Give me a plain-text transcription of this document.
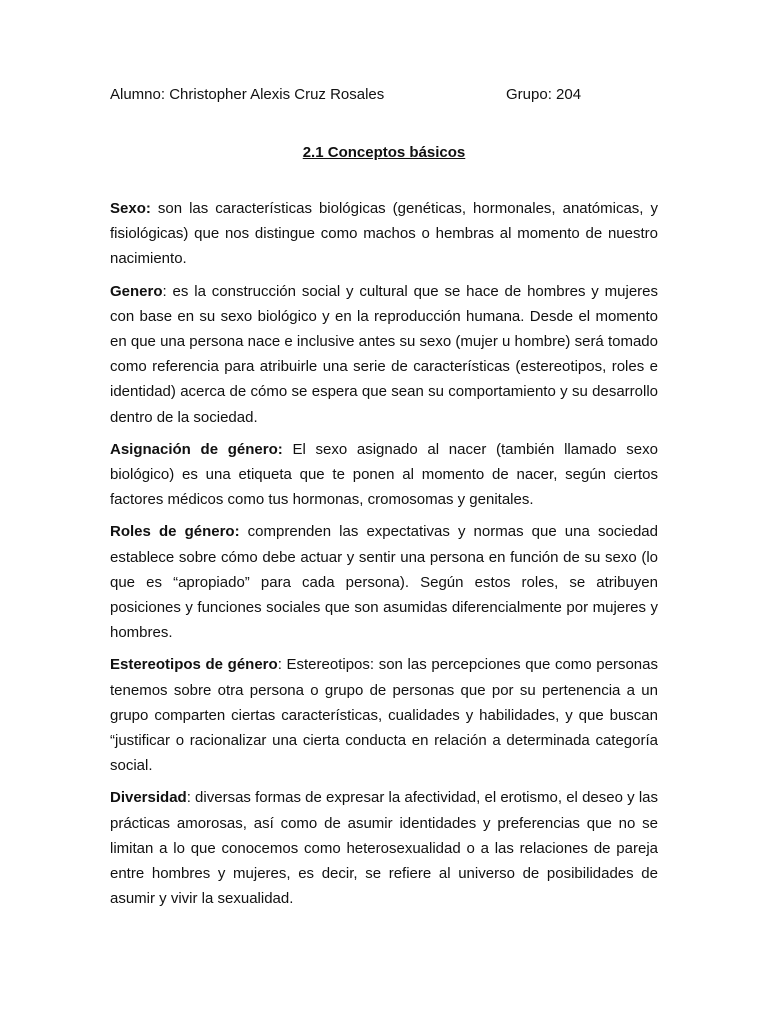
Alumno: Christopher Alexis Cruz Rosales	Grupo: 204
2.1 Conceptos básicos

Sexo: son las características biológicas (genéticas, hormonales, anatómicas, y fisiológicas) que nos distingue como machos o hembras al momento de nuestro nacimiento.

Genero: es la construcción social y cultural que se hace de hombres y mujeres con base en su sexo biológico y en la reproducción humana. Desde el momento en que una persona nace e inclusive antes su sexo (mujer u hombre) será tomado como referencia para atribuirle una serie de características (estereotipos, roles e identidad) acerca de cómo se espera que sean su comportamiento y su desarrollo dentro de la sociedad.

Asignación de género: El sexo asignado al nacer (también llamado sexo biológico) es una etiqueta que te ponen al momento de nacer, según ciertos factores médicos como tus hormonas, cromosomas y genitales.

Roles de género: comprenden las expectativas y normas que una sociedad establece sobre cómo debe actuar y sentir una persona en función de su sexo (lo que es “apropiado” para cada persona). Según estos roles, se atribuyen posiciones y funciones sociales que son asumidas diferencialmente por mujeres y hombres.

Estereotipos de género: Estereotipos: son las percepciones que como personas tenemos sobre otra persona o grupo de personas que por su pertenencia a un grupo comparten ciertas características, cualidades y habilidades, y que buscan “justificar o racionalizar una cierta conducta en relación a determinada categoría social.

Diversidad: diversas formas de expresar la afectividad, el erotismo, el deseo y las prácticas amorosas, así como de asumir identidades y preferencias que no se limitan a lo que conocemos como heterosexualidad o a las relaciones de pareja entre hombres y mujeres, es decir, se refiere al universo de posibilidades de asumir y vivir la sexualidad.
